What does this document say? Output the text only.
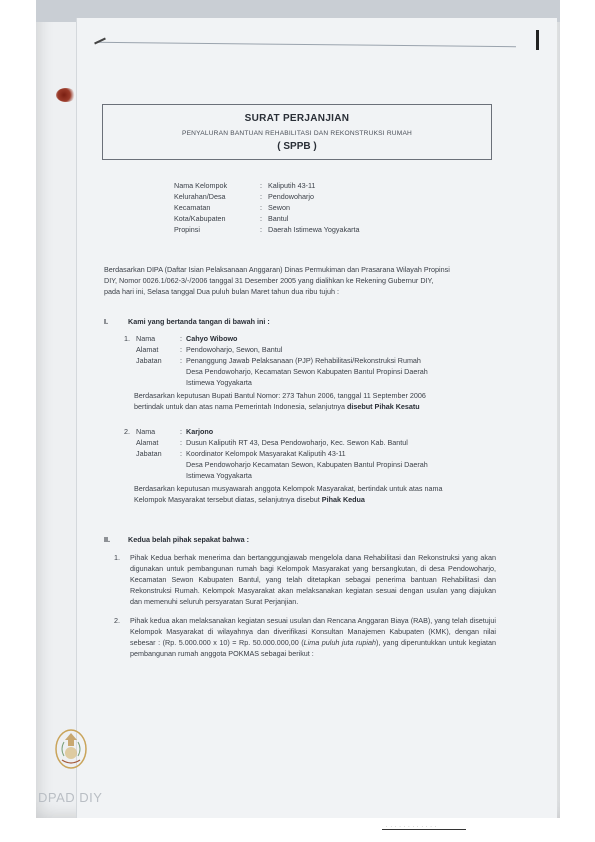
SURAT PERJANJIAN
PENYALURAN BANTUAN REHABILITASI DAN REKONSTRUKSI RUMAH
( SPPB )
Nama Kelompok	: Kaliputih 43-11
Kelurahan/Desa	: Pendowoharjo
Kecamatan	: Sewon
Kota/Kabupaten	: Bantul
Propinsi	: Daerah Istimewa Yogyakarta
Berdasarkan DIPA (Daftar Isian Pelaksanaan Anggaran) Dinas Permukiman dan Prasarana Wilayah Propinsi
DIY, Nomor 0026.1/062-3/-/2006 tanggal 31 Desember 2005 yang dialihkan ke Rekening Gubernur DIY,
pada hari ini, Selasa tanggal Dua puluh bulan Maret tahun dua ribu tujuh :
I.	Kami yang bertanda tangan di bawah ini :
1. Nama	: Cahyo Wibowo
Alamat	: Pendowoharjo, Sewon, Bantul
Jabatan	: Penanggung Jawab Pelaksanaan (PJP) Rehabilitasi/Rekonstruksi Rumah
Desa Pendowoharjo, Kecamatan Sewon Kabupaten Bantul Propinsi Daerah
Istimewa Yogyakarta
Berdasarkan keputusan Bupati Bantul Nomor: 273 Tahun 2006, tanggal 11 September 2006
bertindak untuk dan atas nama Pemerintah Indonesia, selanjutnya disebut Pihak Kesatu
2. Nama	: Karjono
Alamat	: Dusun Kaliputih RT 43, Desa Pendowoharjo, Kec. Sewon Kab. Bantul
Jabatan	: Koordinator Kelompok Masyarakat Kaliputih 43-11
Desa Pendowoharjo Kecamatan Sewon, Kabupaten Bantul Propinsi Daerah
Istimewa Yogyakarta
Berdasarkan keputusan musyawarah anggota Kelompok Masyarakat, bertindak untuk atas nama
Kelompok Masyarakat tersebut diatas, selanjutnya disebut Pihak Kedua
II.	Kedua belah pihak sepakat bahwa :
1.	Pihak Kedua berhak menerima dan bertanggungjawab mengelola dana Rehabilitasi dan Rekonstruksi yang akan digunakan untuk pembangunan rumah bagi Kelompok Masyarakat yang bersangkutan, di desa Pendowoharjo, Kecamatan Sewon Kabupaten Bantul, yang telah ditetapkan sebagai penerima bantuan Rehabilitasi dan Rekonstruksi Rumah. Kelompok Masyarakat akan melaksanakan kegiatan sesuai dengan usulan yang diajukan dan memenuhi seluruh persyaratan Surat Perjanjian.
2.	Pihak kedua akan melaksanakan kegiatan sesuai usulan dan Rencana Anggaran Biaya (RAB), yang telah disetujui Kelompok Masyarakat di wilayahnya dan diverifikasi Konsultan Manajemen Kabupaten (KMK), dengan nilai sebesar : (Rp. 5.000.000 x 10) = Rp. 50.000.000,00 (Lima puluh juta rupiah), yang diperuntukkan untuk kegiatan pembangunan rumah anggota POKMAS sebagai berikut :
DPAD DIY
· · · · · · · · · · · ·
